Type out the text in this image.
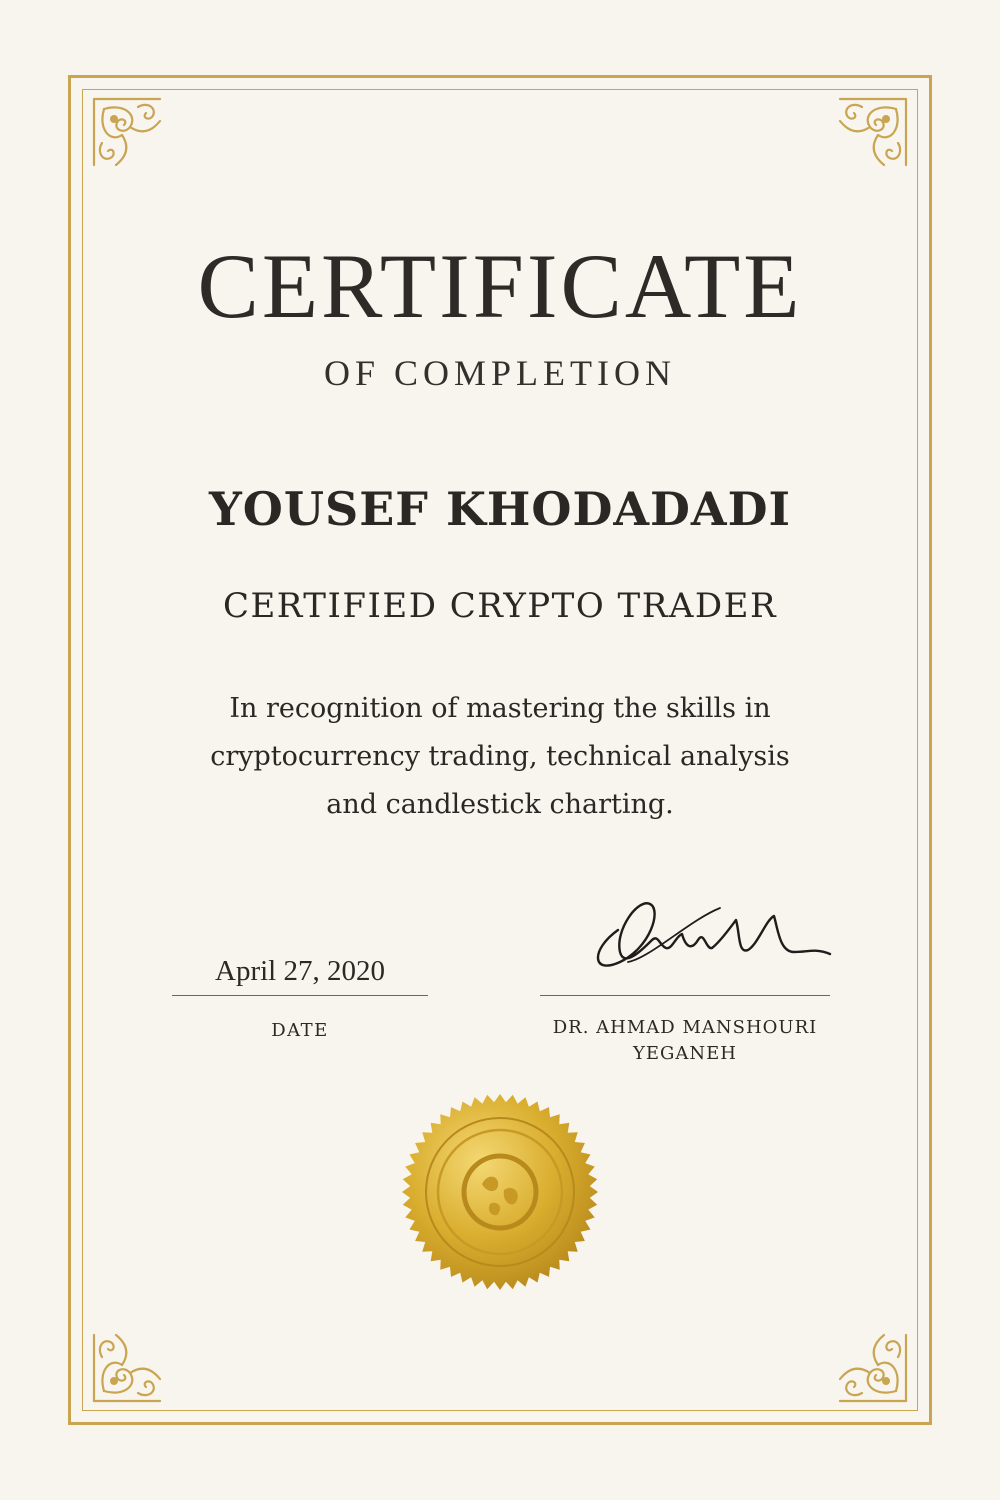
CERTIFICATE
OF COMPLETION
YOUSEF KHODADADI
CERTIFIED CRYPTO TRADER
In recognition of mastering the skills in
cryptocurrency trading, technical analysis
and candlestick charting.
April 27, 2020
DATE	DR. AHMAD MANSHOURI
YEGANEH
